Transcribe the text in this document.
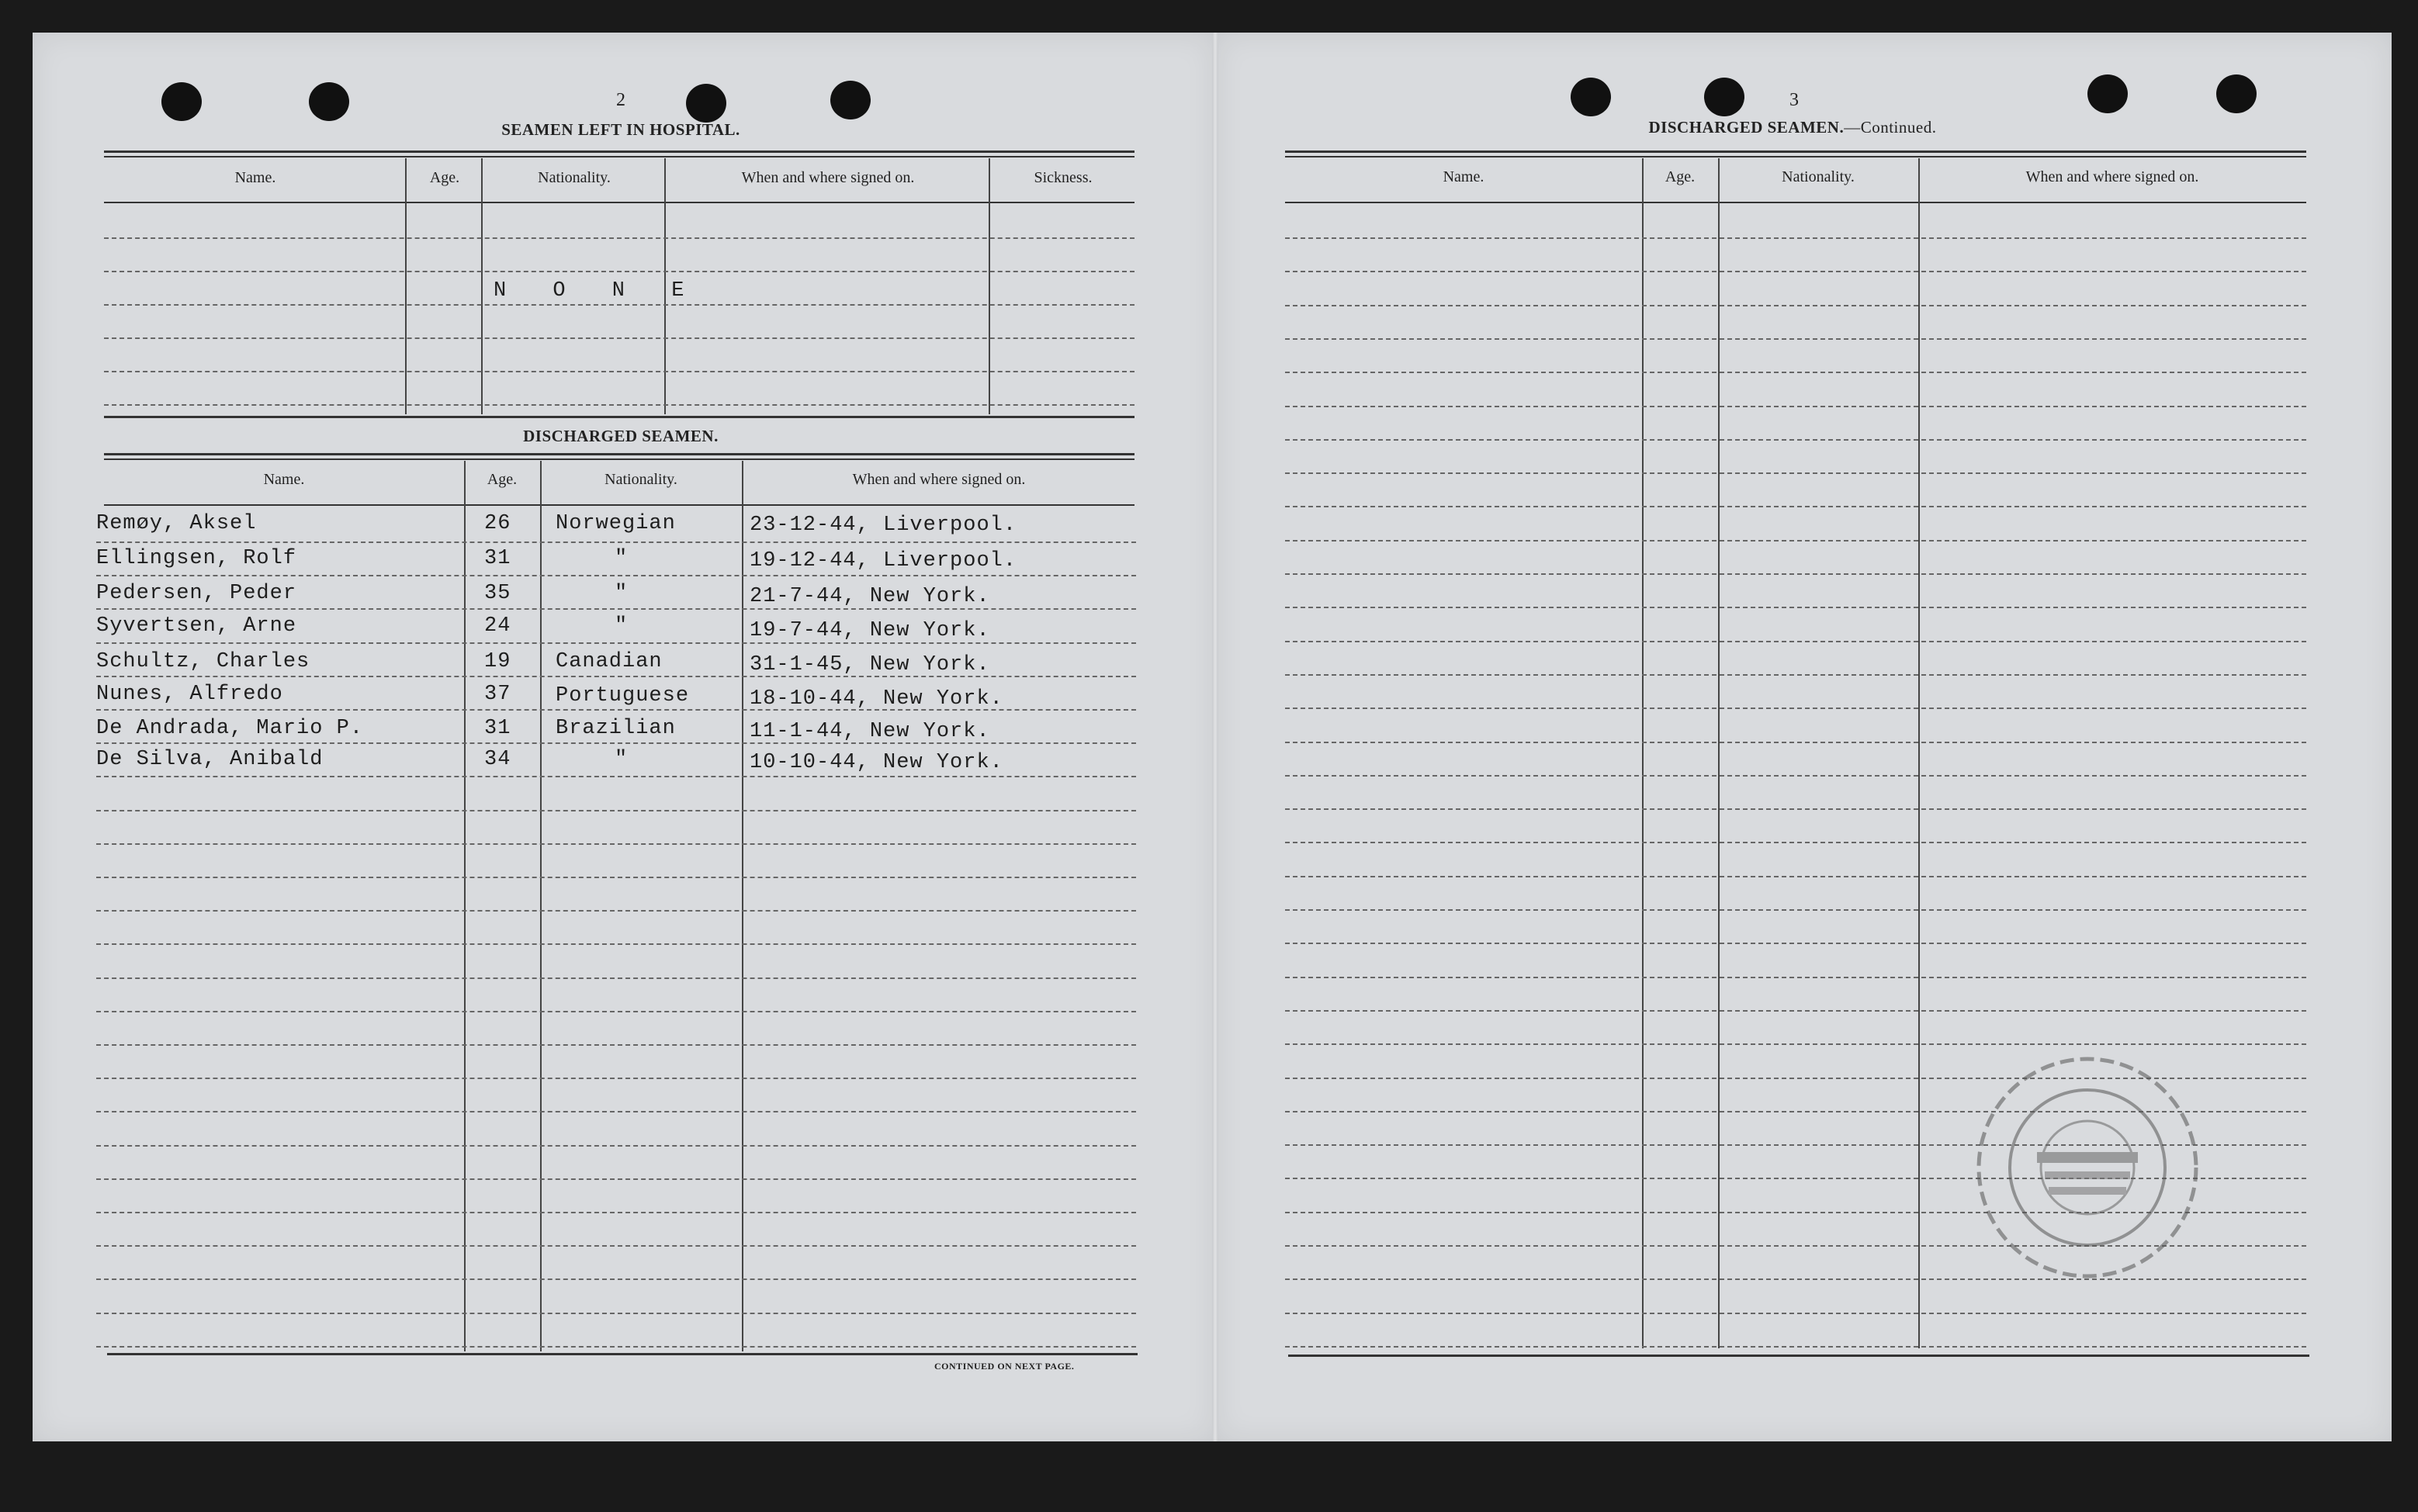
2
SEAMEN LEFT IN HOSPITAL.
Name.	Age.	Nationality.	When and where signed on.	Sickness.
N O N E
DISCHARGED SEAMEN.
Name.	Age.	Nationality.	When and where signed on.
Remøy, Aksel	26 Norwegian	23-12-44, Liverpool.
Ellingsen, Rolf	31	"	19-12-44, Liverpool.
Pedersen, Peder	35	"	21-7-44, New York.
Syvertsen, Arne	24	"	19-7-44, New York.
Schultz, Charles	19 Canadian	31-1-45, New York.
Nunes, Alfredo	37 Portuguese	18-10-44, New York.
De Andrada, Mario P.	31 Brazilian	11-1-44, New York.
De Silva, Anibald	34	"	10-10-44, New York.
CONTINUED ON NEXT PAGE.
3
DISCHARGED SEAMEN.—Continued.
Name.	Age.	Nationality.	When and where signed on.
